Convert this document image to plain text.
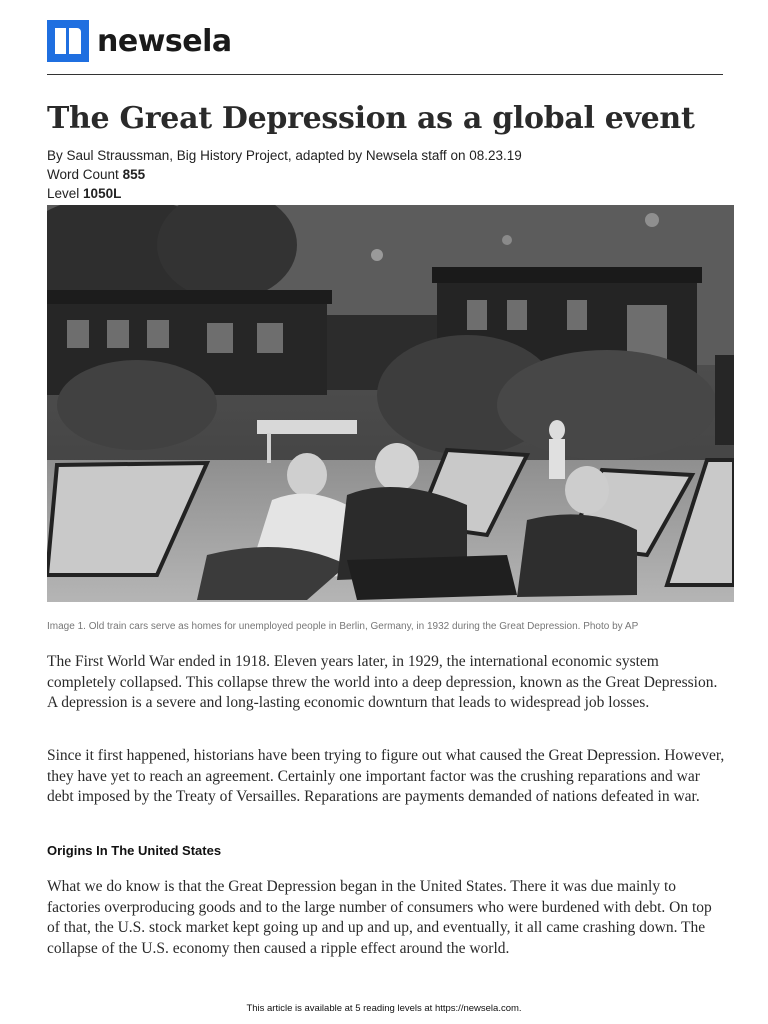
newsela
The Great Depression as a global event
By Saul Straussman, Big History Project, adapted by Newsela staff on 08.23.19
Word Count 855
Level 1050L
Image 1. Old train cars serve as homes for unemployed people in Berlin, Germany, in 1932 during the Great Depression. Photo by AP

The First World War ended in 1918. Eleven years later, in 1929, the international economic system completely collapsed. This collapse threw the world into a deep depression, known as the Great Depression. A depression is a severe and long-lasting economic downturn that leads to widespread job losses.

Since it first happened, historians have been trying to figure out what caused the Great Depression. However, they have yet to reach an agreement. Certainly one important factor was the crushing reparations and war debt imposed by the Treaty of Versailles. Reparations are payments demanded of nations defeated in war.

Origins In The United States

What we do know is that the Great Depression began in the United States. There it was due mainly to factories overproducing goods and to the large number of consumers who were burdened with debt. On top of that, the U.S. stock market kept going up and up and up, and eventually, it all came crashing down. The collapse of the U.S. economy then caused a ripple effect around the world.

This article is available at 5 reading levels at https://newsela.com.
